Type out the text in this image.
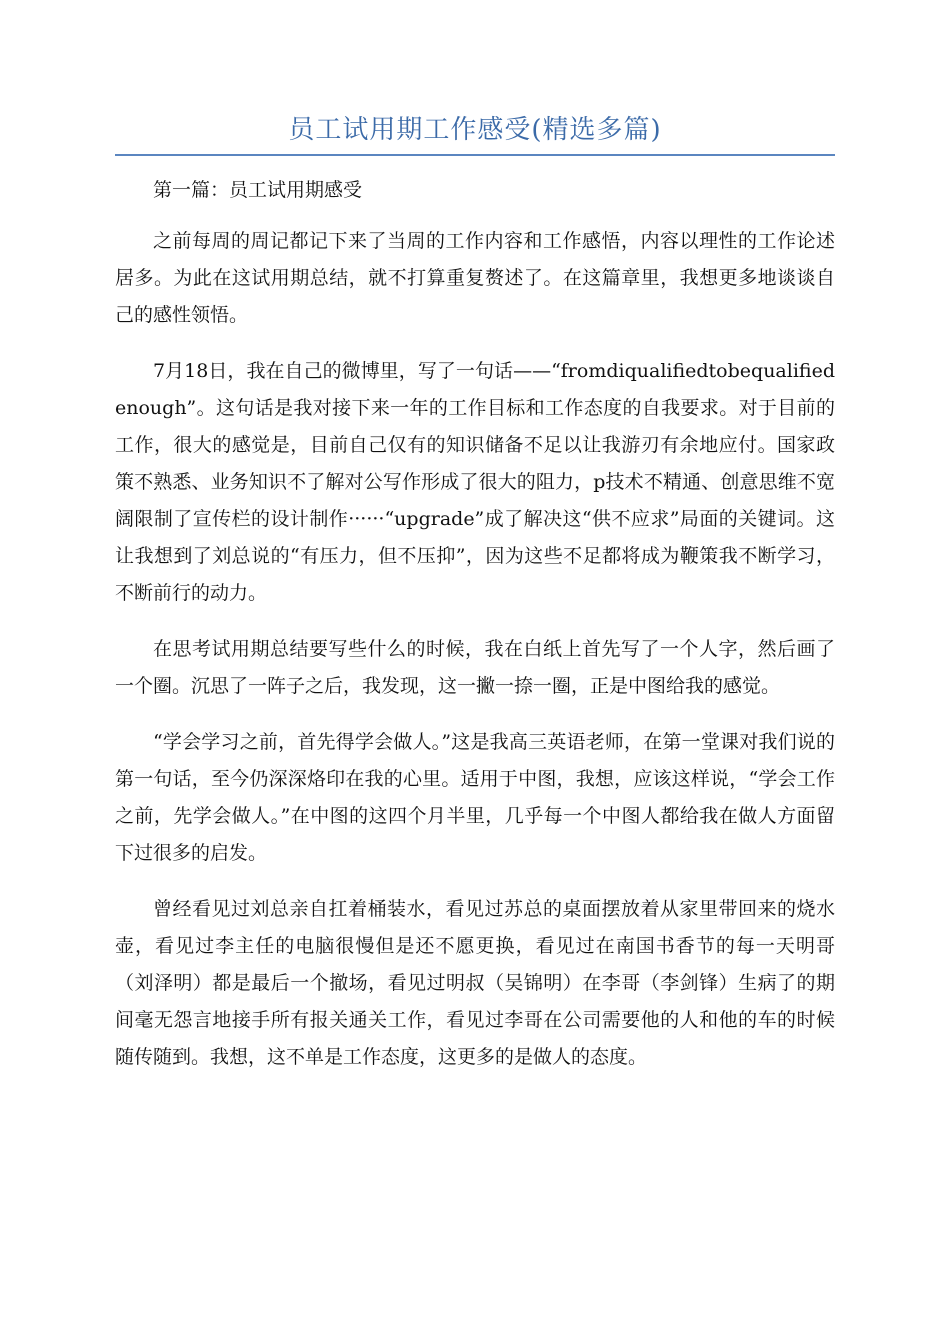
员工试用期工作感受(精选多篇)

第一篇：员工试用期感受

之前每周的周记都记下来了当周的工作内容和工作感悟，内容以理性的工作论述居多。为此在这试用期总结，就不打算重复赘述了。在这篇章里，我想更多地谈谈自己的感性领悟。

7月18日，我在自己的微博里，写了一句话——“fromdiqualifiedtobequalifiedenough”。这句话是我对接下来一年的工作目标和工作态度的自我要求。对于目前的工作，很大的感觉是，目前自己仅有的知识储备不足以让我游刃有余地应付。国家政策不熟悉、业务知识不了解对公写作形成了很大的阻力，p技术不精通、创意思维不宽阔限制了宣传栏的设计制作······“upgrade”成了解决这“供不应求”局面的关键词。这让我想到了刘总说的“有压力，但不压抑”，因为这些不足都将成为鞭策我不断学习，不断前行的动力。

在思考试用期总结要写些什么的时候，我在白纸上首先写了一个人字，然后画了一个圈。沉思了一阵子之后，我发现，这一撇一捺一圈，正是中图给我的感觉。

“学会学习之前，首先得学会做人。”这是我高三英语老师，在第一堂课对我们说的第一句话，至今仍深深烙印在我的心里。适用于中图，我想，应该这样说，“学会工作之前，先学会做人。”在中图的这四个月半里，几乎每一个中图人都给我在做人方面留下过很多的启发。

曾经看见过刘总亲自扛着桶装水，看见过苏总的桌面摆放着从家里带回来的烧水壶，看见过李主任的电脑很慢但是还不愿更换，看见过在南国书香节的每一天明哥（刘泽明）都是最后一个撤场，看见过明叔（吴锦明）在李哥（李剑锋）生病了的期间毫无怨言地接手所有报关通关工作，看见过李哥在公司需要他的人和他的车的时候随传随到。我想，这不单是工作态度，这更多的是做人的态度。
